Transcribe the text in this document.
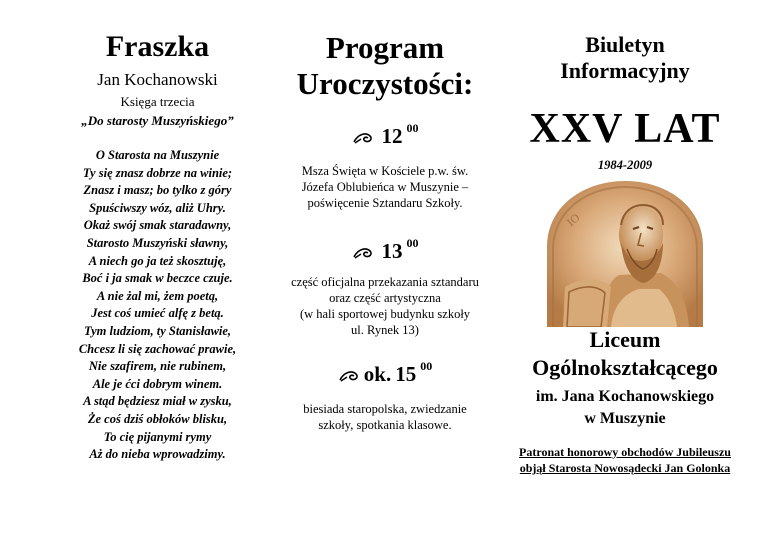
Fraszka
Jan Kochanowski
Księga trzecia
„Do starosty Muszyńskiego”
O Starosta na Muszynie
Ty się znasz dobrze na winie;
Znasz i masz; bo tylko z góry
Spuściwszy wóz, aliż Uhry.
Okaż swój smak staradawny,
Starosto Muszyński sławny,
A niech go ja też skosztuję,
Boć i ja smak w beczce czuje.
A nie żal mi, żem poetą,
Jest coś umieć alfę z betą.
Tym ludziom, ty Stanisławie,
Chcesz li się zachować prawie,
Nie szafirem, nie rubinem,
Ale je ćci dobrym winem.
A stąd będziesz miał w zysku,
Że coś dziś obłoków blisku,
To cię pijanymi rymy
Aż do nieba wprowadzimy.
Program
Uroczystości:
12 $^{00}$
Msza Święta w Kościele p.w. św.
Józefa Oblubieńca w Muszynie –
poświęcenie Sztandaru Szkoły.
13 $^{00}$
część oficjalna przekazania sztandaru
oraz część artystyczna
(w hali sportowej budynku szkoły
ul. Rynek 13)
ok. 15 $^{00}$
biesiada staropolska, zwiedzanie
szkoły, spotkania klasowe.
Biuletyn
Informacyjny
XXV LAT
1984-2009
IO
Liceum
Ogólnokształcącego
im. Jana Kochanowskiego
w Muszynie
Patronat honorowy obchodów Jubileuszu
objął Starosta Nowosądecki Jan Golonka
